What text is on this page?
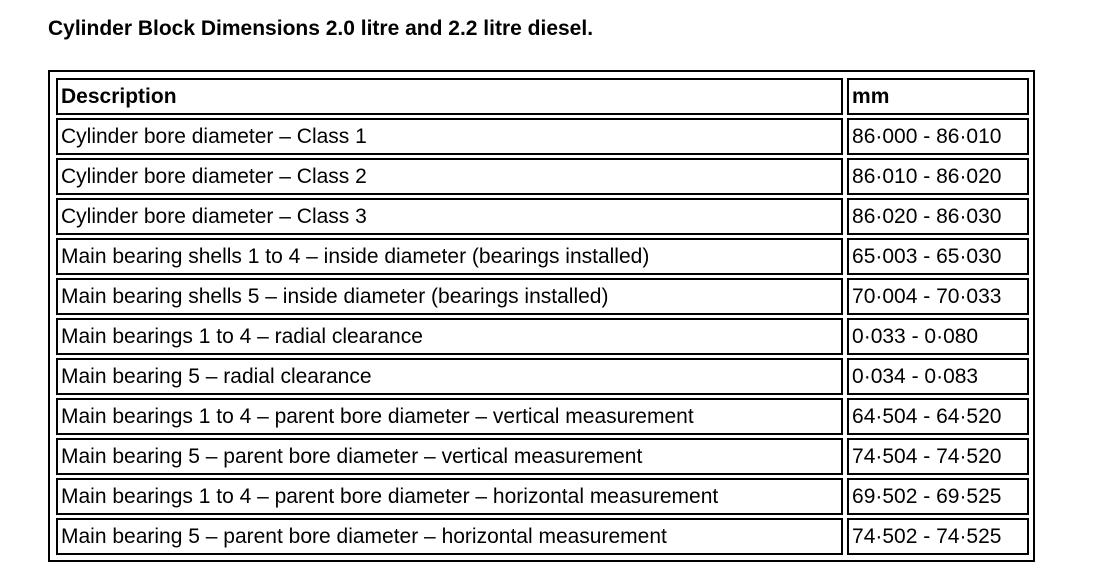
Cylinder Block Dimensions 2.0 litre and 2.2 litre diesel.
Description	mm
Cylinder bore diameter – Class 1	86·000 - 86·010
Cylinder bore diameter – Class 2	86·010 - 86·020
Cylinder bore diameter – Class 3	86·020 - 86·030
Main bearing shells 1 to 4 – inside diameter (bearings installed)	65·003 - 65·030
Main bearing shells 5 – inside diameter (bearings installed)	70·004 - 70·033
Main bearings 1 to 4 – radial clearance	0·033 - 0·080
Main bearing 5 – radial clearance	0·034 - 0·083
Main bearings 1 to 4 – parent bore diameter – vertical measurement	64·504 - 64·520
Main bearing 5 – parent bore diameter – vertical measurement	74·504 - 74·520
Main bearings 1 to 4 – parent bore diameter – horizontal measurement	69·502 - 69·525
Main bearing 5 – parent bore diameter – horizontal measurement	74·502 - 74·525
